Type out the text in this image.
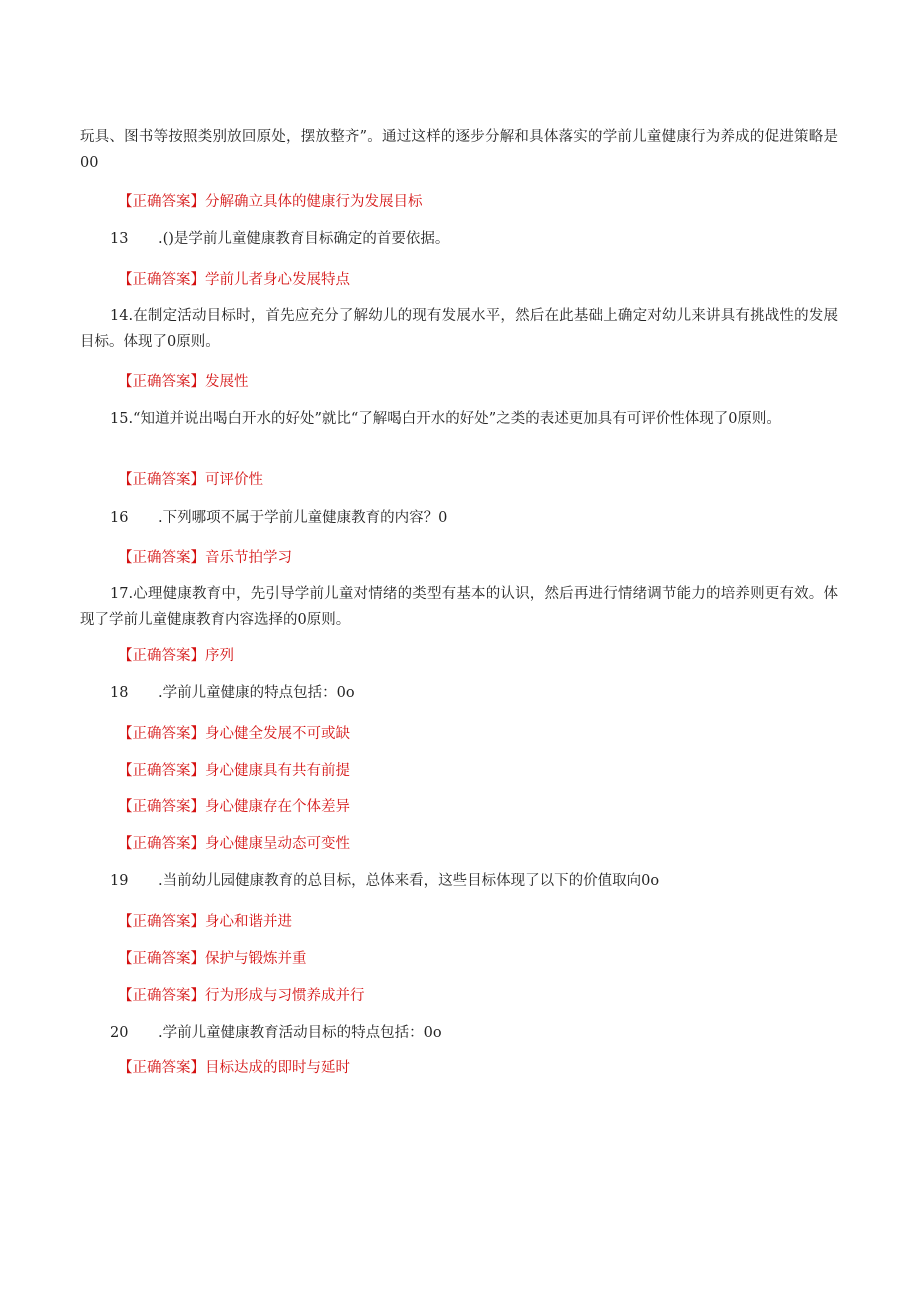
玩具、图书等按照类别放回原处，摆放整齐”。通过这样的逐步分解和具体落实的学前儿童健康行为养成的促进策略是00

【正确答案】分解确立具体的健康行为发展目标

13 .()是学前儿童健康教育目标确定的首要依据。

【正确答案】学前儿者身心发展特点

14.在制定活动目标时，首先应充分了解幼儿的现有发展水平，然后在此基础上确定对幼儿来讲具有挑战性的发展目标。体现了0原则。

【正确答案】发展性

15.“知道并说出喝白开水的好处”就比“了解喝白开水的好处”之类的表述更加具有可评价性体现了0原则。

【正确答案】可评价性

16 .下列哪项不属于学前儿童健康教育的内容？0

【正确答案】音乐节拍学习

17.心理健康教育中，先引导学前儿童对情绪的类型有基本的认识，然后再进行情绪调节能力的培养则更有效。体现了学前儿童健康教育内容选择的0原则。

【正确答案】序列

18 .学前儿童健康的特点包括：0o

【正确答案】身心健全发展不可或缺
【正确答案】身心健康具有共有前提
【正确答案】身心健康存在个体差异
【正确答案】身心健康呈动态可变性

19 .当前幼儿园健康教育的总目标，总体来看，这些目标体现了以下的价值取向0o

【正确答案】身心和谐并进
【正确答案】保护与锻炼并重
【正确答案】行为形成与习惯养成并行

20 .学前儿童健康教育活动目标的特点包括：0o

【正确答案】目标达成的即时与延时
